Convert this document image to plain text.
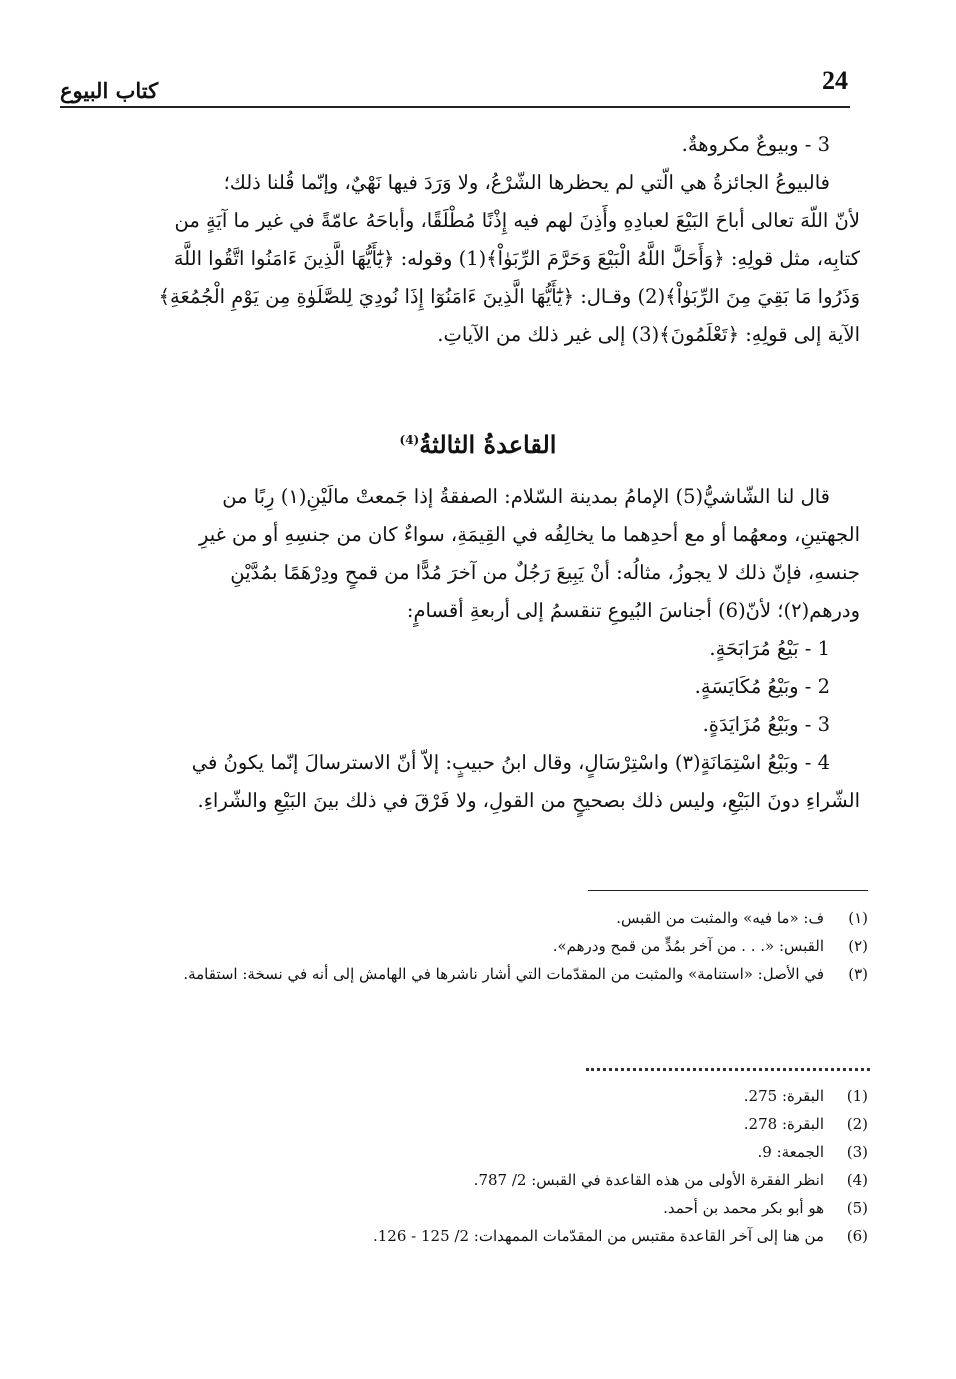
24
كتاب البيوع
3 - وبيوعٌ مكروهةٌ.
فالبيوعُ الجائزةُ هي الّتي لم يحظرها الشّرْعُ، ولا وَرَدَ فيها نَهْيٌ، وإنّما قُلنا ذلك؛
لأنّ اللّهَ تعالى أباحَ البَيْعَ لعبادِهِ وأَذِنَ لهم فيه إِذْنًا مُطْلَقًا، وأباحَهُ عامّةً في غير ما آيَةٍ من
كتابِه، مثل قولِهِ: ﴿وَأَحَلَّ اللَّهُ الْبَيْعَ وَحَرَّمَ الرِّبَوٰاْ﴾(1) وقوله: ﴿يَٰٓأَيُّهَا الَّذِينَ ءَامَنُوا اتَّقُوا اللَّهَ
وَذَرُوا مَا بَقِيَ مِنَ الرِّبَوٰاْ﴾(2) وقـال: ﴿يَٰٓأَيُّهَا الَّذِينَ ءَامَنُوٓا إِذَا نُودِيَ لِلصَّلَوٰةِ مِن يَوْمِ الْجُمُعَةِ﴾
الآية إلى قولِهِ: ﴿تَعْلَمُونَ﴾(3) إلى غير ذلك من الآياتِ.
القاعدةُ الثالثةُ$^{(4)}$
قال لنا الشّاشيُّ(5) الإمامُ بمدينة السّلام: الصفقةُ إذا جَمعتْ مالَيْنِ(١) رِبًا من
الجهتينِ، ومعهُما أو مع أحدِهما ما يخالِفُه في القِيمَةِ، سواءٌ كان من جنسِهِ أو من غيرِ
جنسهِ، فإنّ ذلك لا يجوزُ، مثالُه: أنْ يَبِيعَ رَجُلٌ من آخرَ مُدًّا من قمحٍ ودِرْهَمًا بمُدَّيْنِ
ودرهم(٢)؛ لأنّ(6) أجناسَ البُيوعِ تنقسمُ إلى أربعةِ أقسامٍ:
1 - بَيْعُ مُرَابَحَةٍ.
2 - وبَيْعُ مُكَايَسَةٍ.
3 - وبَيْعُ مُزَايَدَةٍ.
4 - وبَيْعُ اسْتِمَانَةٍ(٣) واسْتِرْسَالٍ، وقال ابنُ حبيبٍ: إلاّ أنّ الاسترسالَ إنّما يكونُ في
الشّراءِ دونَ البَيْعِ، وليس ذلك بصحيحٍ من القولِ، ولا فَرْقَ في ذلك بينَ البَيْعِ والشّراءِ.
(١)
ف: «ما فيه» والمثبت من القبس.
(٢)
القبس: «. . . من آخر بمُدٍّ من قمح ودرهم».
(٣)
في الأصل: «استنامة» والمثبت من المقدّمات التي أشار ناشرها في الهامش إلى أنه في نسخة: استقامة.
(1)
البقرة: 275.
(2)
البقرة: 278.
(3)
الجمعة: 9.
(4)
انظر الفقرة الأولى من هذه القاعدة في القبس: 2/ 787.
(5)
هو أبو بكر محمد بن أحمد.
(6)
من هنا إلى آخر القاعدة مقتبس من المقدّمات الممهدات: 2/ 125 - 126.
